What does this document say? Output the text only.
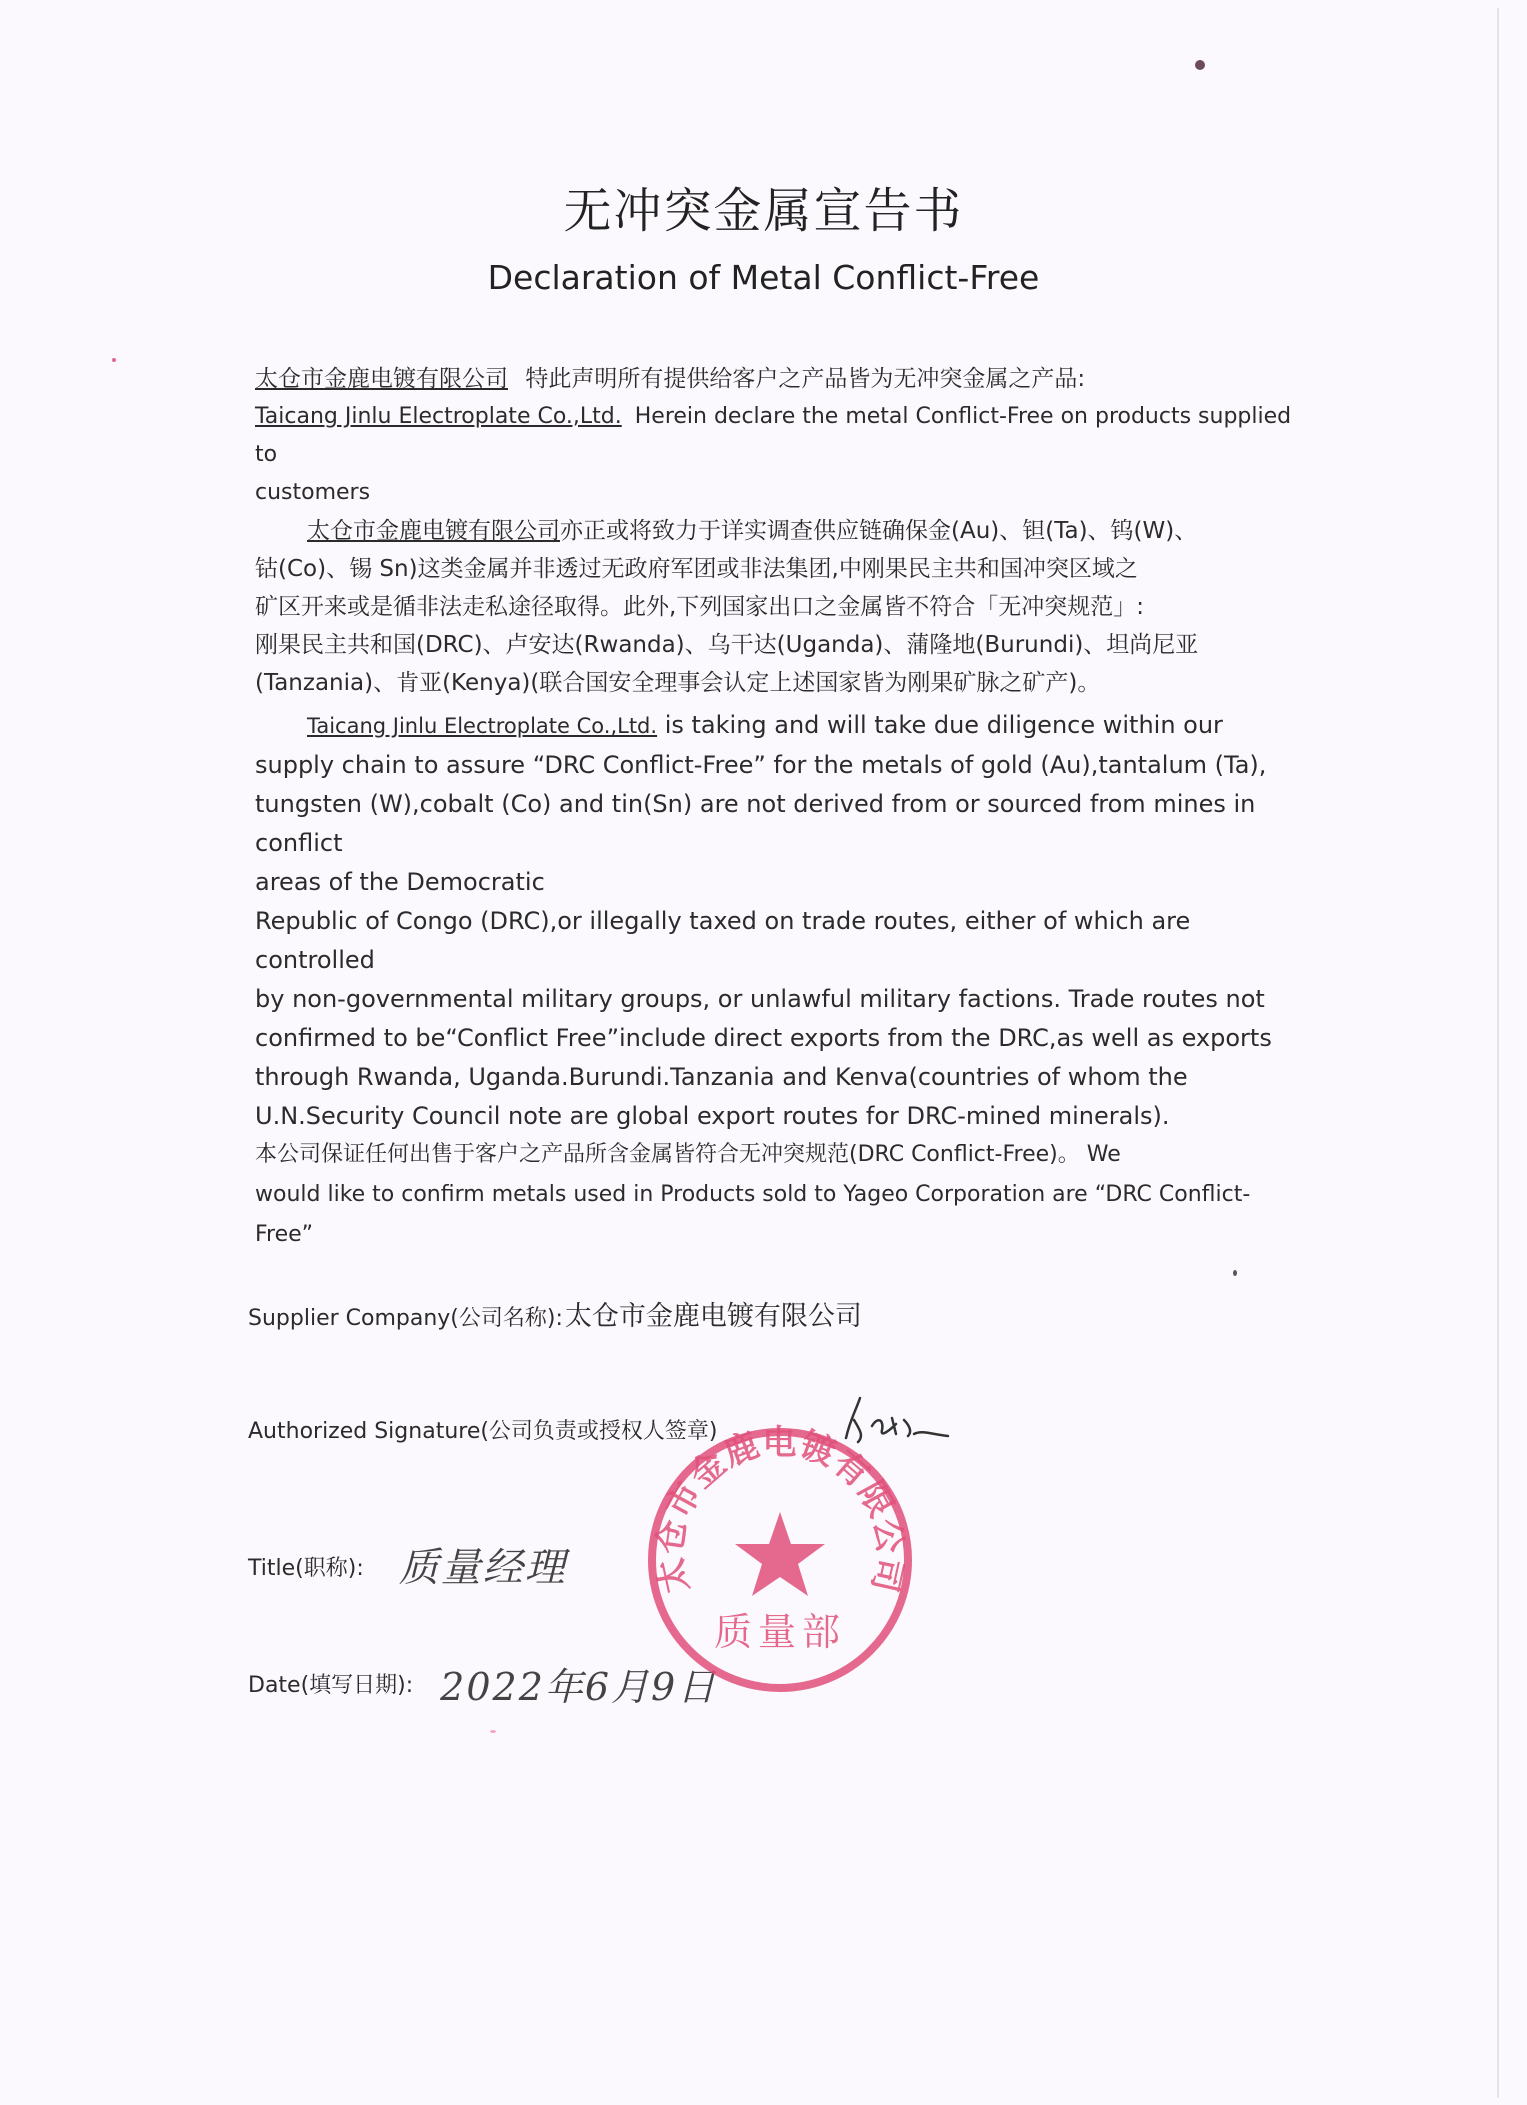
无冲突金属宣告书
Declaration of Metal Conflict-Free
太仓市金鹿电镀有限公司 特此声明所有提供给客户之产品皆为无冲突金属之产品:
Taicang Jinlu Electroplate Co.,Ltd. Herein declare the metal Conflict-Free on products supplied to
customers
太仓市金鹿电镀有限公司亦正或将致力于详实调查供应链确保金(Au)、钽(Ta)、钨(W)、
钴(Co)、锡 Sn)这类金属并非透过无政府军团或非法集团,中刚果民主共和国冲突区域之
矿区开来或是循非法走私途径取得。此外,下列国家出口之金属皆不符合「无冲突规范」:
刚果民主共和国(DRC)、卢安达(Rwanda)、乌干达(Uganda)、蒲隆地(Burundi)、坦尚尼亚
(Tanzania)、肯亚(Kenya)(联合国安全理事会认定上述国家皆为刚果矿脉之矿产)。
Taicang Jinlu Electroplate Co.,Ltd. is taking and will take due diligence within our
supply chain to assure “DRC Conflict-Free” for the metals of gold (Au),tantalum (Ta),
tungsten (W),cobalt (Co) and tin(Sn) are not derived from or sourced from mines in conflict
areas of the Democratic
Republic of Congo (DRC),or illegally taxed on trade routes, either of which are controlled
by non-governmental military groups, or unlawful military factions. Trade routes not
confirmed to be“Conflict Free”include direct exports from the DRC,as well as exports
through Rwanda, Uganda.Burundi.Tanzania and Kenva(countries of whom the
U.N.Security Council note are global export routes for DRC-mined minerals).
本公司保证任何出售于客户之产品所含金属皆符合无冲突规范(DRC Conflict-Free)。 We
would like to confirm metals used in Products sold to Yageo Corporation are “DRC Conflict-Free”
Supplier Company(公司名称):太仓市金鹿电镀有限公司
Authorized Signature(公司负责或授权人签章)
Title(职称): 质量经理
Date(填写日期): 2022年6月9日
太仓市金鹿电镀有限公司
质量部
